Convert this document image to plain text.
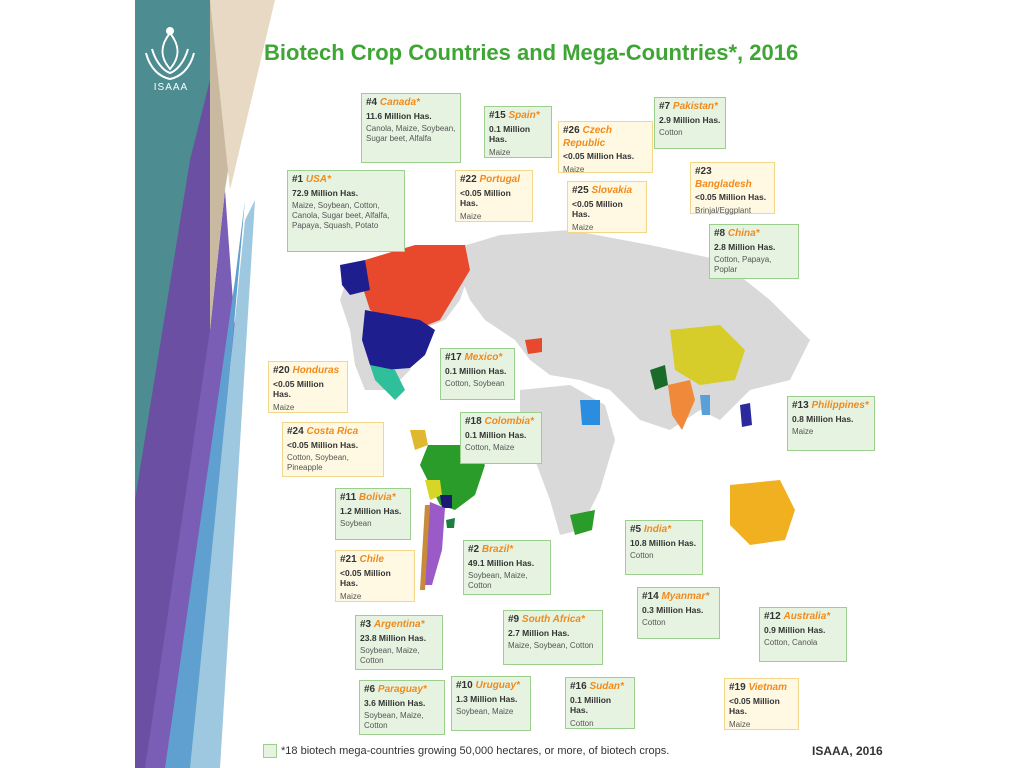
ISAAA
Biotech Crop Countries and Mega-Countries*, 2016
#4 Canada*
11.6 Million Has.
Canola, Maize, Soybean, Sugar beet, Alfalfa
#15 Spain*
0.1 Million Has.
Maize
#26 Czech Republic
<0.05 Million Has.
Maize
#7 Pakistan*
2.9 Million Has.
Cotton
#1 USA*
72.9 Million Has.
Maize, Soybean, Cotton, Canola, Sugar beet, Alfalfa, Papaya, Squash, Potato
#22 Portugal
<0.05 Million Has.
Maize
#25 Slovakia
<0.05 Million Has.
Maize
#23 Bangladesh
<0.05 Million Has.
Brinjal/Eggplant
#8 China*
2.8 Million Has.
Cotton, Papaya, Poplar
#20 Honduras
<0.05 Million Has.
Maize
#17 Mexico*
0.1 Million Has.
Cotton, Soybean
#13 Philippines*
0.8 Million Has.
Maize
#24 Costa Rica
<0.05 Million Has.
Cotton, Soybean, Pineapple
#18 Colombia*
0.1 Million Has.
Cotton, Maize
#11 Bolivia*
1.2 Million Has.
Soybean
#5 India*
10.8 Million Has.
Cotton
#21 Chile
<0.05 Million Has.
Maize
#2 Brazil*
49.1 Million Has.
Soybean, Maize, Cotton
#14 Myanmar*
0.3 Million Has.
Cotton
#3 Argentina*
23.8 Million Has.
Soybean, Maize, Cotton
#9 South Africa*
2.7 Million Has.
Maize, Soybean, Cotton
#12 Australia*
0.9 Million Has.
Cotton, Canola
#6 Paraguay*
3.6 Million Has.
Soybean, Maize, Cotton
#10 Uruguay*
1.3 Million Has.
Soybean, Maize
#16 Sudan*
0.1 Million Has.
Cotton
#19 Vietnam
<0.05 Million Has.
Maize
*18 biotech mega-countries growing 50,000 hectares, or more, of biotech crops.	ISAAA, 2016
